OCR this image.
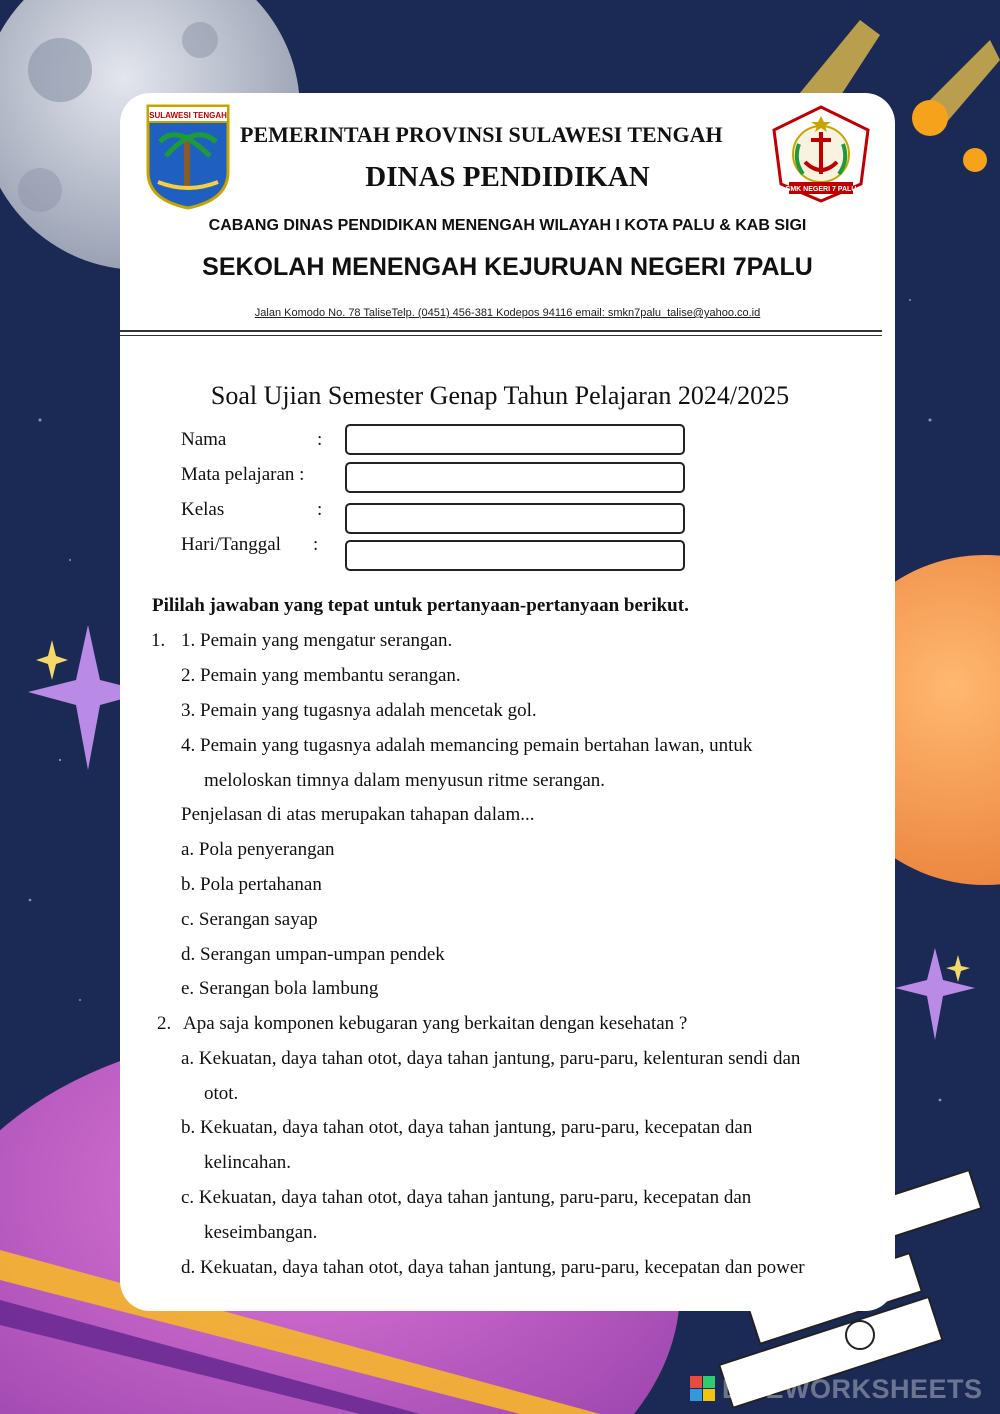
SULAWESI TENGAH
SMK NEGERI 7 PALU
PEMERINTAH PROVINSI SULAWESI TENGAH
DINAS PENDIDIKAN
CABANG DINAS PENDIDIKAN MENENGAH WILAYAH I KOTA PALU & KAB SIGI
SEKOLAH MENENGAH KEJURUAN NEGERI 7PALU
Jalan Komodo No. 78 TaliseTelp. (0451) 456-381 Kodepos 94116 email: smkn7palu_talise@yahoo.co.id
Soal Ujian Semester Genap Tahun Pelajaran 2024/2025
Nama	:
Mata pelajaran :
Kelas	:
Hari/Tanggal :
Pililah jawaban yang tepat untuk pertanyaan-pertanyaan berikut.
1. 1. Pemain yang mengatur serangan.
2. Pemain yang membantu serangan.
3. Pemain yang tugasnya adalah mencetak gol.
4. Pemain yang tugasnya adalah memancing pemain bertahan lawan, untuk
meloloskan timnya dalam menyusun ritme serangan.
Penjelasan di atas merupakan tahapan dalam...
a. Pola penyerangan
b. Pola pertahanan
c. Serangan sayap
d. Serangan umpan-umpan pendek
e. Serangan bola lambung
2. Apa saja komponen kebugaran yang berkaitan dengan kesehatan ?
a. Kekuatan, daya tahan otot, daya tahan jantung, paru-paru, kelenturan sendi dan
otot.
b. Kekuatan, daya tahan otot, daya tahan jantung, paru-paru, kecepatan dan
kelincahan.
c. Kekuatan, daya tahan otot, daya tahan jantung, paru-paru, kecepatan dan
keseimbangan.
d. Kekuatan, daya tahan otot, daya tahan jantung, paru-paru, kecepatan dan power
LIVEWORKSHEETS
